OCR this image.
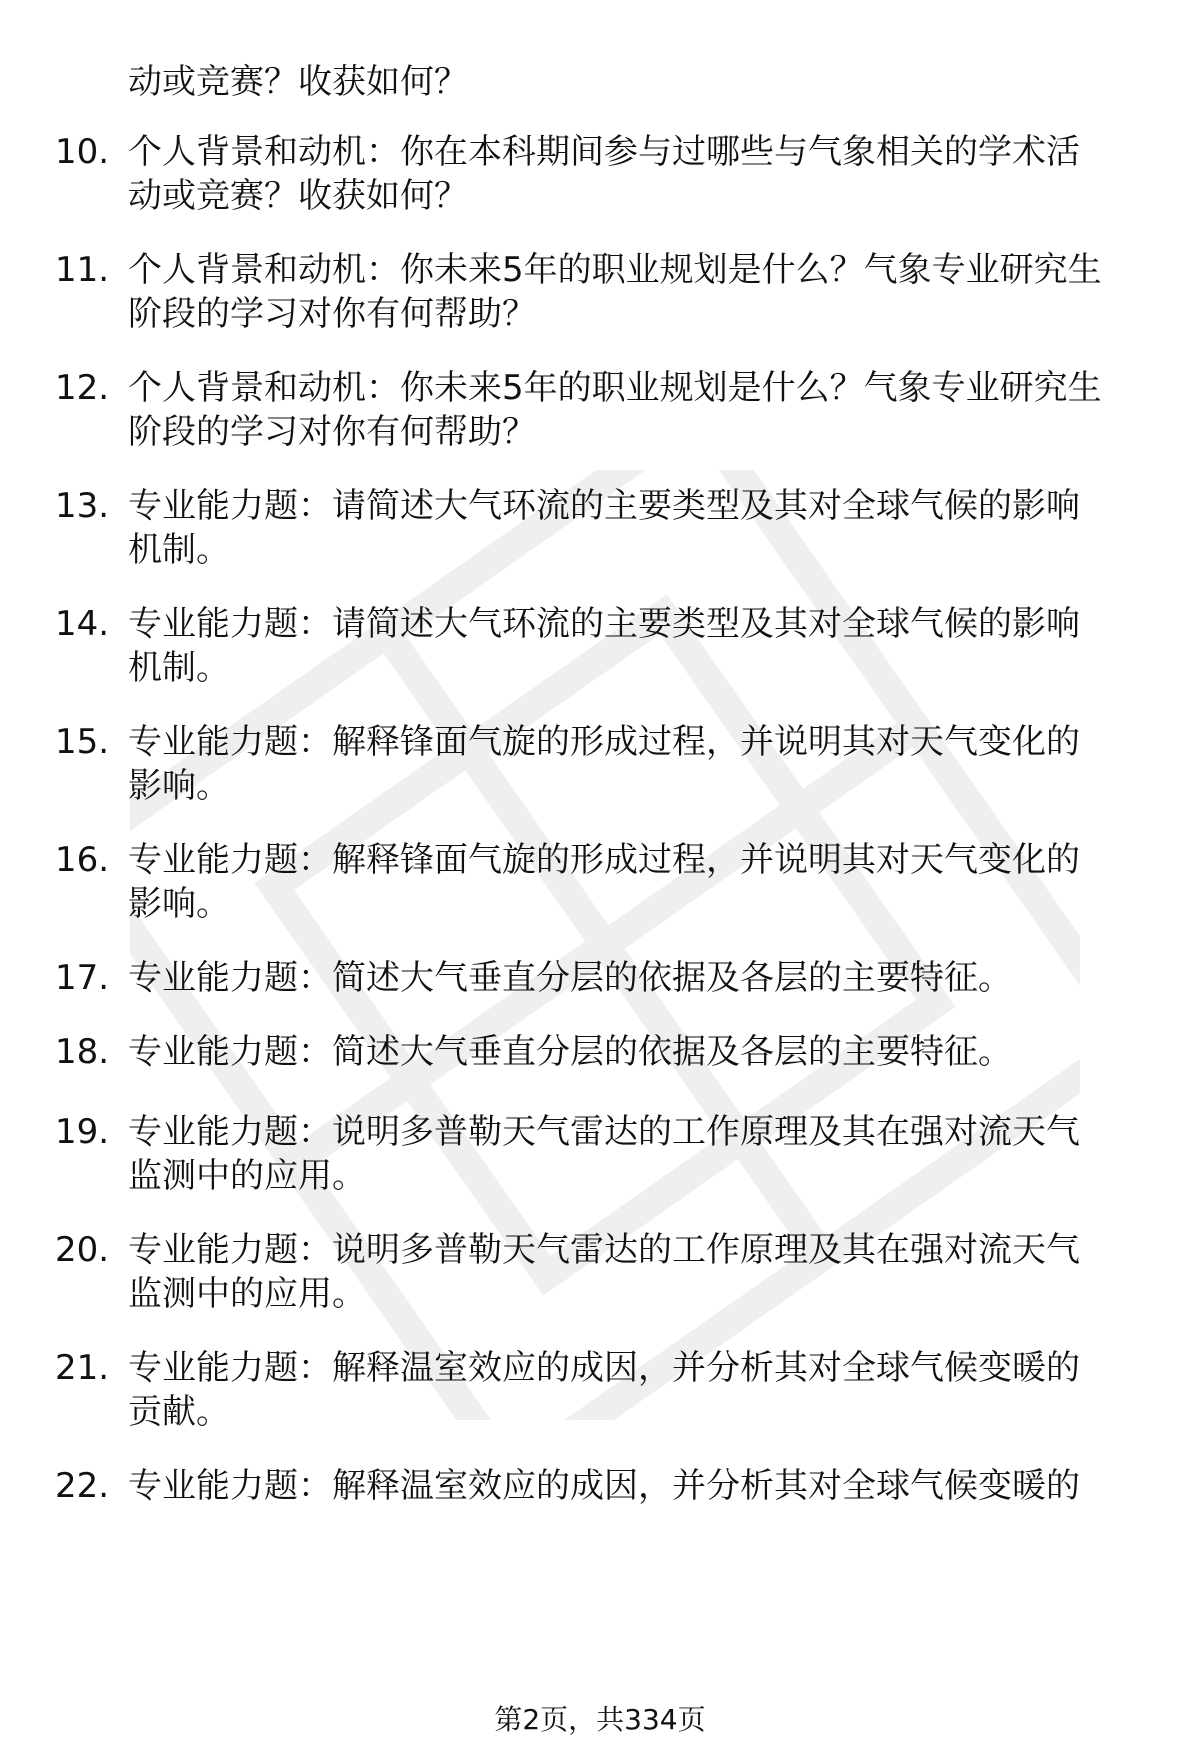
动或竞赛？收获如何？
10. 个人背景和动机：你在本科期间参与过哪些与气象相关的学术活
动或竞赛？收获如何？
11. 个人背景和动机：你未来5年的职业规划是什么？气象专业研究生
阶段的学习对你有何帮助？
12. 个人背景和动机：你未来5年的职业规划是什么？气象专业研究生
阶段的学习对你有何帮助？
13. 专业能力题：请简述大气环流的主要类型及其对全球气候的影响
机制。
14. 专业能力题：请简述大气环流的主要类型及其对全球气候的影响
机制。
15. 专业能力题：解释锋面气旋的形成过程，并说明其对天气变化的
影响。
16. 专业能力题：解释锋面气旋的形成过程，并说明其对天气变化的
影响。
17. 专业能力题：简述大气垂直分层的依据及各层的主要特征。
18. 专业能力题：简述大气垂直分层的依据及各层的主要特征。
19. 专业能力题：说明多普勒天气雷达的工作原理及其在强对流天气
监测中的应用。
20. 专业能力题：说明多普勒天气雷达的工作原理及其在强对流天气
监测中的应用。
21. 专业能力题：解释温室效应的成因，并分析其对全球气候变暖的
贡献。
22. 专业能力题：解释温室效应的成因，并分析其对全球气候变暖的
第2页，共334页
